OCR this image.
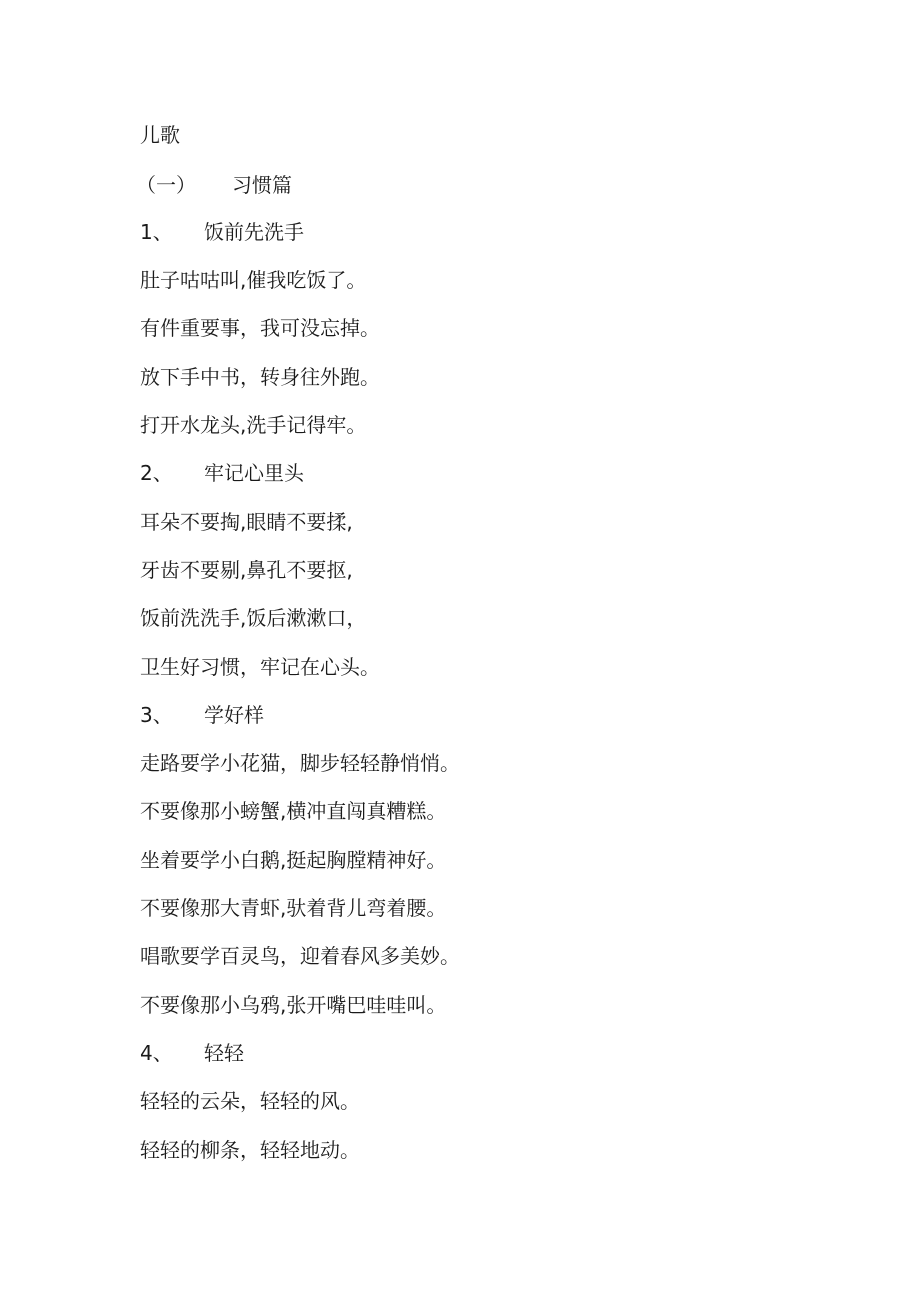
儿歌
（一） 习惯篇
1、 饭前先洗手
肚子咕咕叫,催我吃饭了。
有件重要事，我可没忘掉。
放下手中书，转身往外跑。
打开水龙头,洗手记得牢。
2、 牢记心里头
耳朵不要掏,眼睛不要揉,
牙齿不要剔,鼻孔不要抠,
饭前洗洗手,饭后漱漱口，
卫生好习惯，牢记在心头。
3、 学好样
走路要学小花猫，脚步轻轻静悄悄。
不要像那小螃蟹,横冲直闯真糟糕。
坐着要学小白鹅,挺起胸膛精神好。
不要像那大青虾,驮着背儿弯着腰。
唱歌要学百灵鸟，迎着春风多美妙。
不要像那小乌鸦,张开嘴巴哇哇叫。
4、 轻轻
轻轻的云朵，轻轻的风。
轻轻的柳条，轻轻地动。
